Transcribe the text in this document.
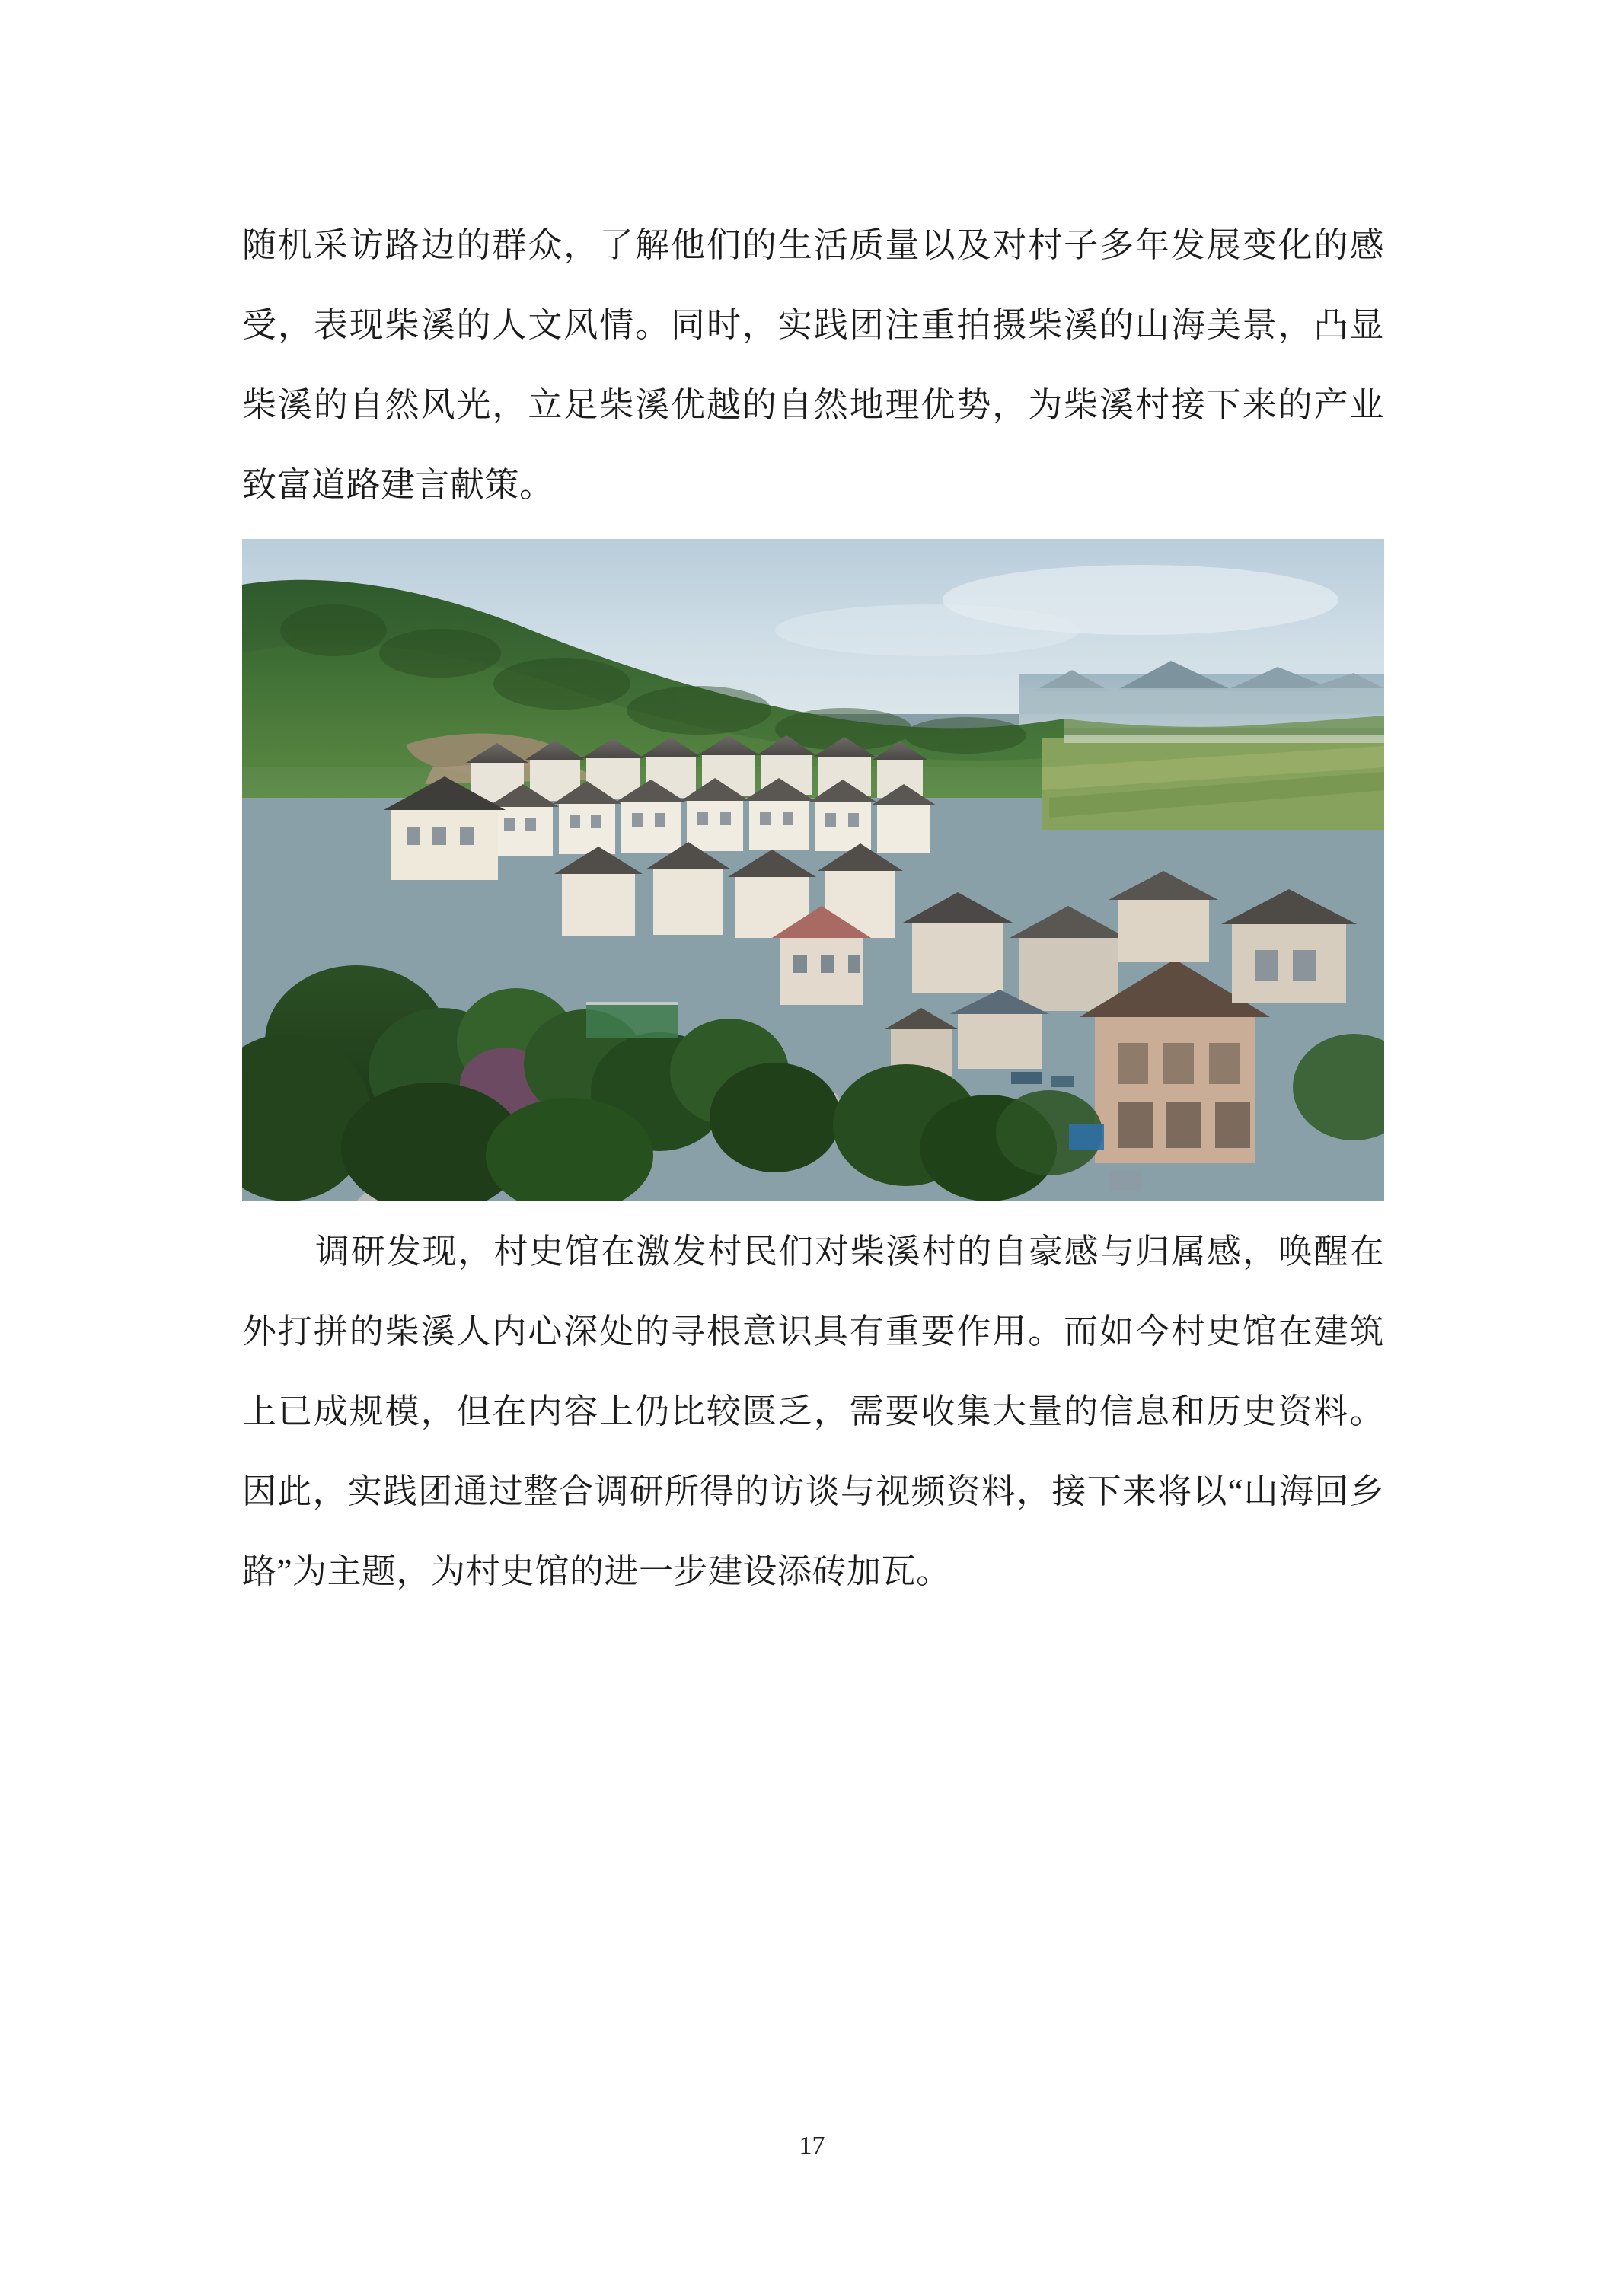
随机采访路边的群众，了解他们的生活质量以及对村子多年发展变化的感受，表现柴溪的人文风情。同时，实践团注重拍摄柴溪的山海美景，凸显柴溪的自然风光，立足柴溪优越的自然地理优势，为柴溪村接下来的产业致富道路建言献策。

调研发现，村史馆在激发村民们对柴溪村的自豪感与归属感，唤醒在外打拼的柴溪人内心深处的寻根意识具有重要作用。而如今村史馆在建筑上已成规模，但在内容上仍比较匮乏，需要收集大量的信息和历史资料。因此，实践团通过整合调研所得的访谈与视频资料，接下来将以“山海回乡路”为主题，为村史馆的进一步建设添砖加瓦。

17
